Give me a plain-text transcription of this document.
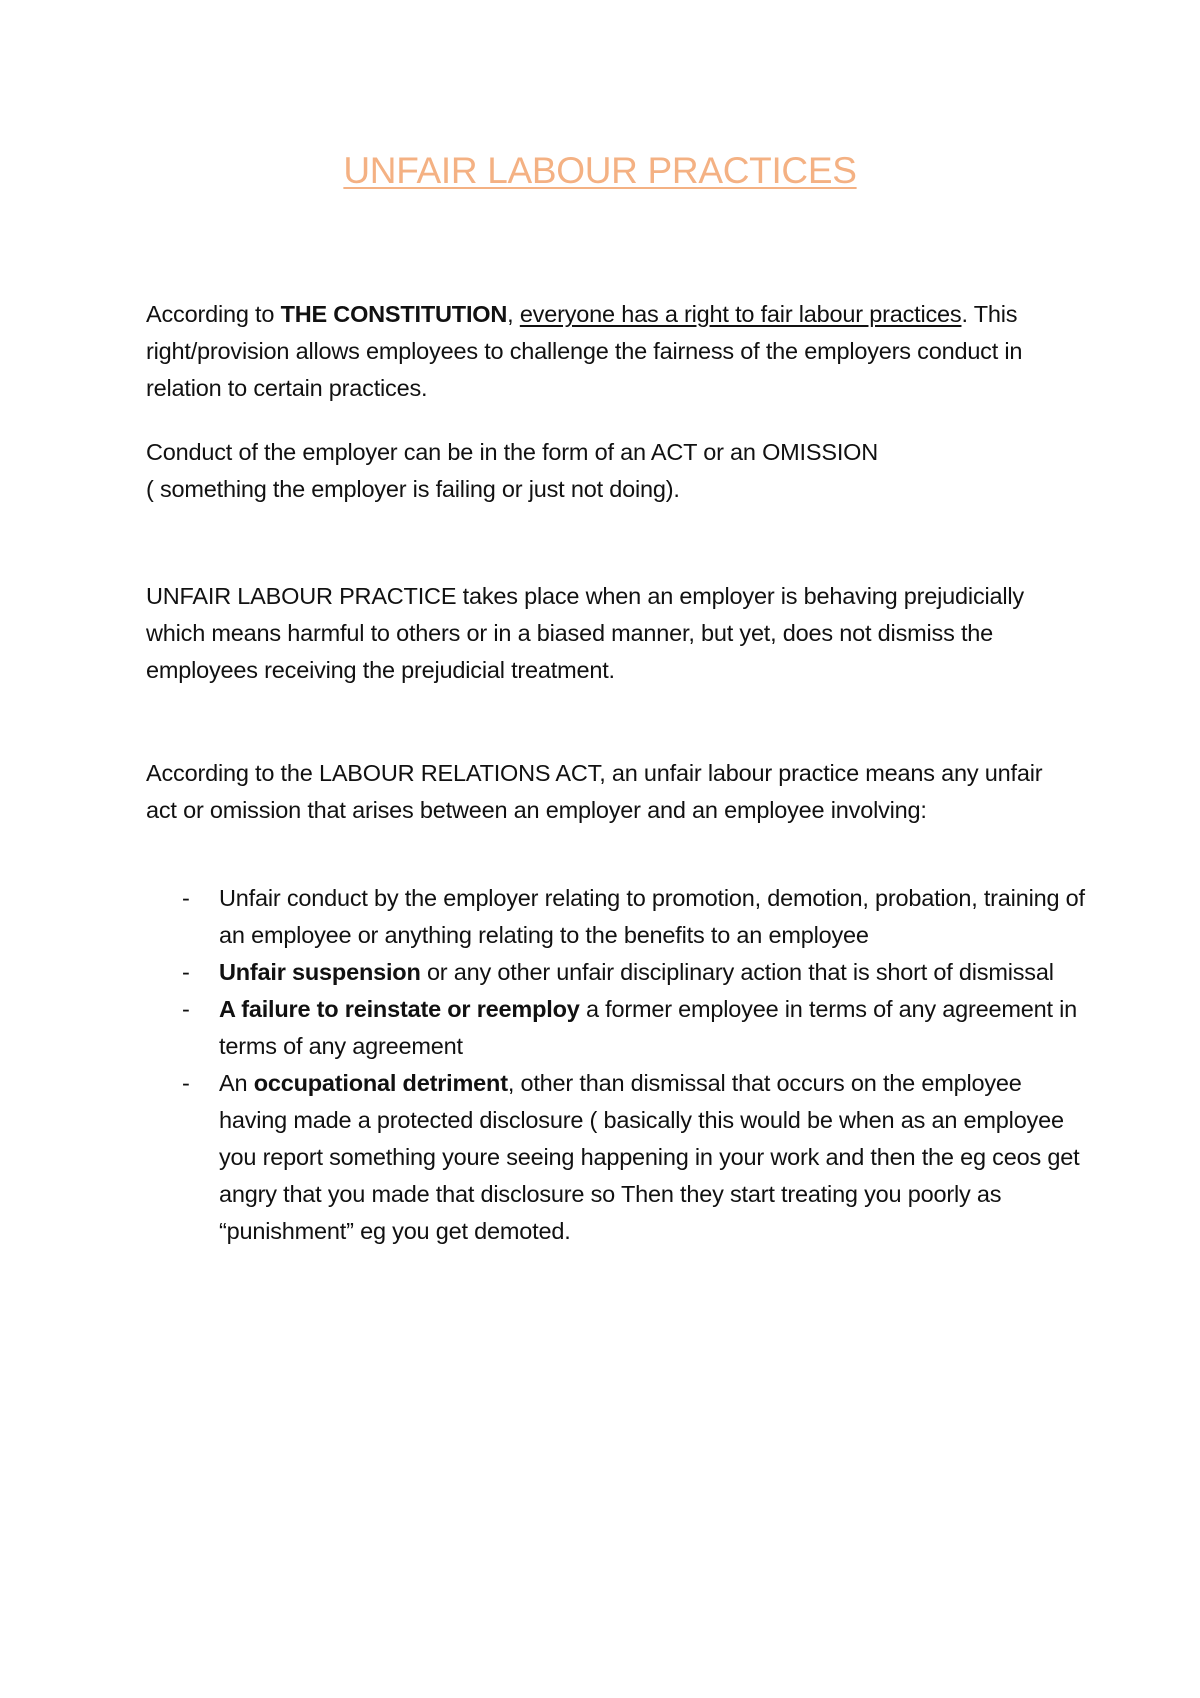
UNFAIR LABOUR PRACTICES
According to THE CONSTITUTION, everyone has a right to fair labour practices. This right/provision allows employees to challenge the fairness of the employers conduct in relation to certain practices.
Conduct of the employer can be in the form of an ACT or an OMISSION
( something the employer is failing or just not doing).
UNFAIR LABOUR PRACTICE takes place when an employer is behaving prejudicially which means harmful to others or in a biased manner, but yet, does not dismiss the employees receiving the prejudicial treatment.
According to the LABOUR RELATIONS ACT, an unfair labour practice means any unfair act or omission that arises between an employer and an employee involving:
- Unfair conduct by the employer relating to promotion, demotion, probation, training of an employee or anything relating to the benefits to an employee
- Unfair suspension or any other unfair disciplinary action that is short of dismissal
- A failure to reinstate or reemploy a former employee in terms of any agreement in terms of any agreement
- An occupational detriment, other than dismissal that occurs on the employee having made a protected disclosure ( basically this would be when as an employee you report something youre seeing happening in your work and then the eg ceos get angry that you made that disclosure so Then they start treating you poorly as “punishment” eg you get demoted.
